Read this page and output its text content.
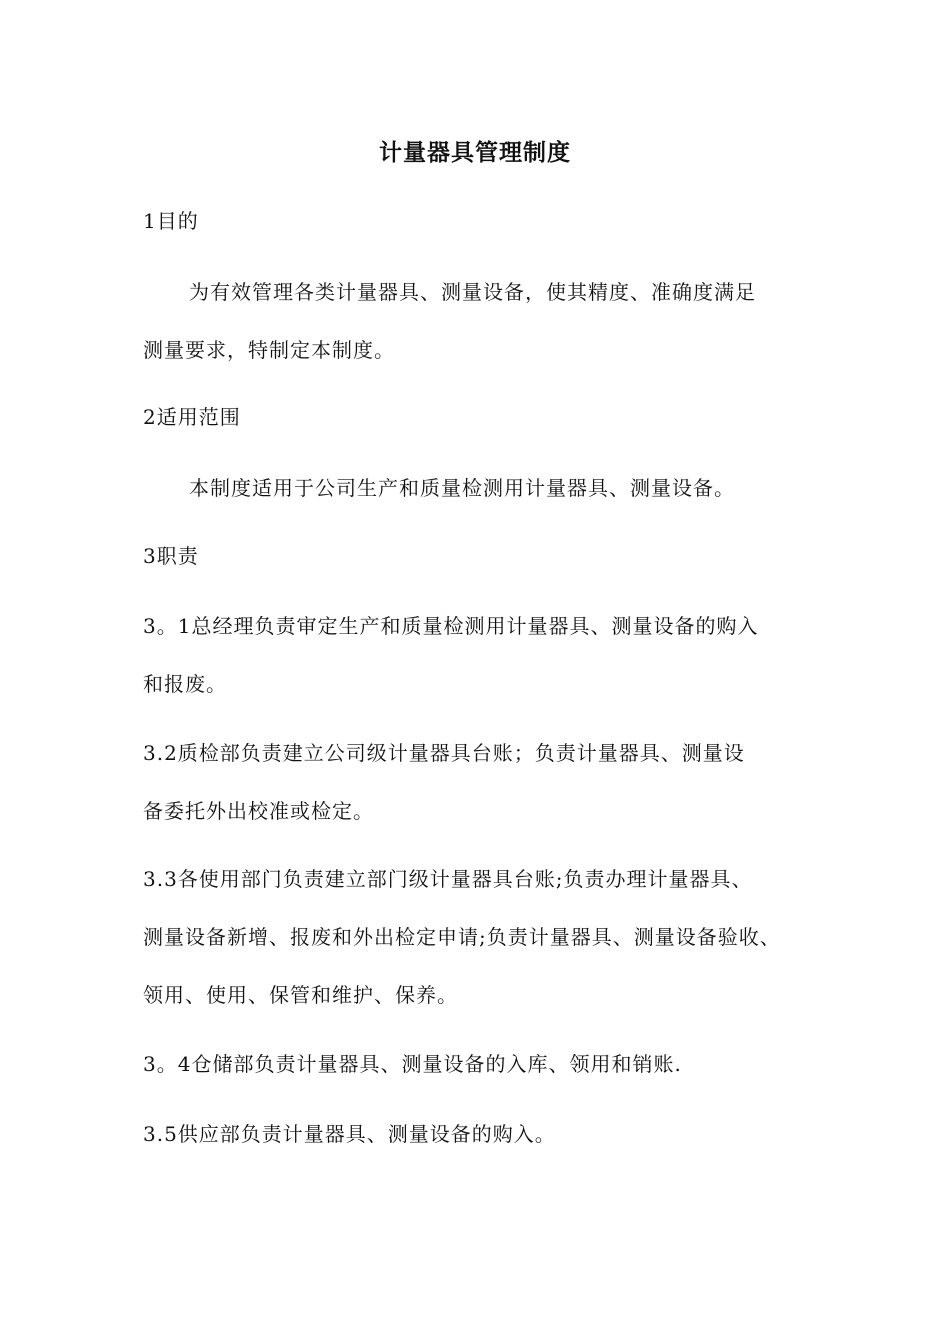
计量器具管理制度
1目的
为有效管理各类计量器具、测量设备，使其精度、准确度满足
测量要求，特制定本制度。
2适用范围
本制度适用于公司生产和质量检测用计量器具、测量设备。
3职责
3。1总经理负责审定生产和质量检测用计量器具、测量设备的购入
和报废。
3.2质检部负责建立公司级计量器具台账；负责计量器具、测量设
备委托外出校准或检定。
3.3各使用部门负责建立部门级计量器具台账;负责办理计量器具、
测量设备新增、报废和外出检定申请;负责计量器具、测量设备验收、
领用、使用、保管和维护、保养。
3。4仓储部负责计量器具、测量设备的入库、领用和销账.
3.5供应部负责计量器具、测量设备的购入。
